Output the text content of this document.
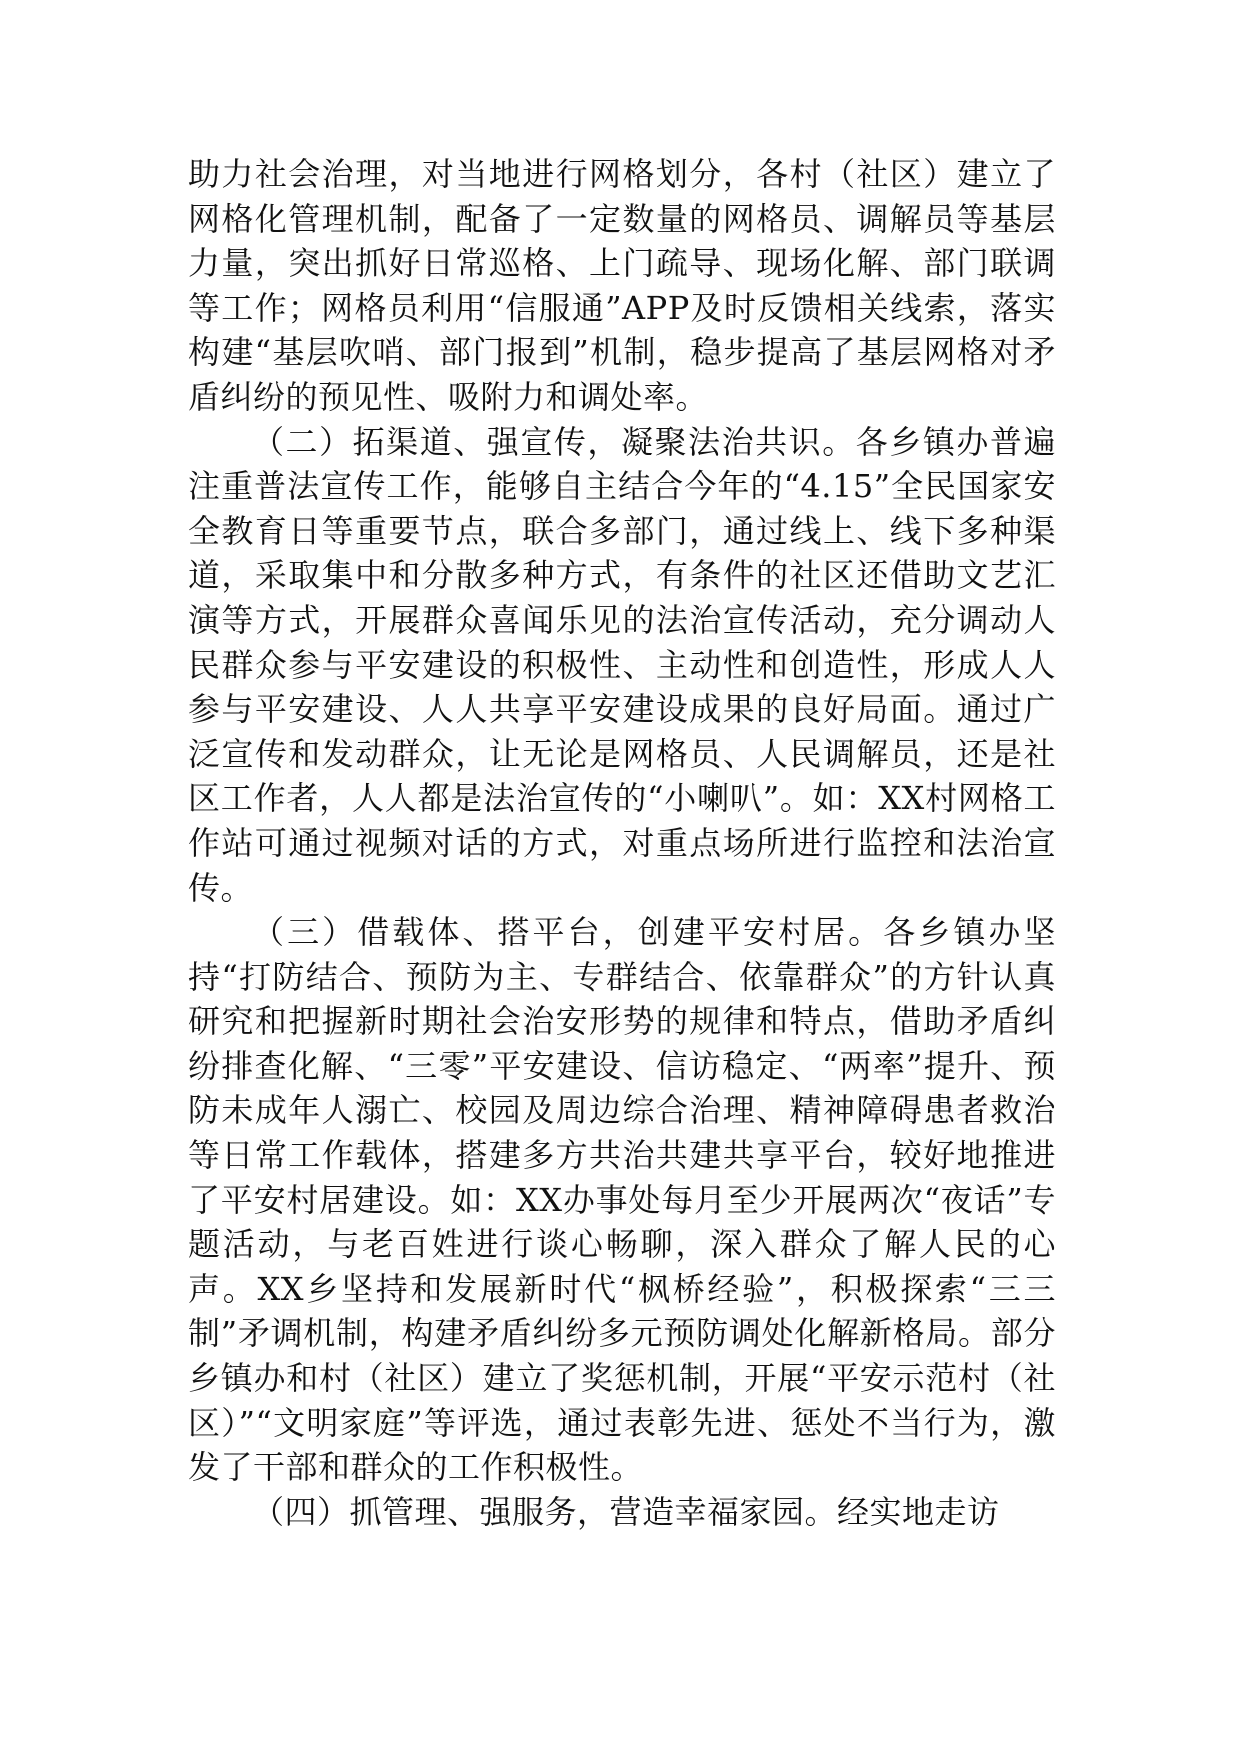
助力社会治理，对当地进行网格划分，各村（社区）建立了网格化管理机制，配备了一定数量的网格员、调解员等基层力量，突出抓好日常巡格、上门疏导、现场化解、部门联调等工作；网格员利用“信服通”APP及时反馈相关线索，落实构建“基层吹哨、部门报到”机制，稳步提高了基层网格对矛盾纠纷的预见性、吸附力和调处率。

（二）拓渠道、强宣传，凝聚法治共识。各乡镇办普遍注重普法宣传工作，能够自主结合今年的“4.15”全民国家安全教育日等重要节点，联合多部门，通过线上、线下多种渠道，采取集中和分散多种方式，有条件的社区还借助文艺汇演等方式，开展群众喜闻乐见的法治宣传活动，充分调动人民群众参与平安建设的积极性、主动性和创造性，形成人人参与平安建设、人人共享平安建设成果的良好局面。通过广泛宣传和发动群众，让无论是网格员、人民调解员，还是社区工作者，人人都是法治宣传的“小喇叭”。如：XX村网格工作站可通过视频对话的方式，对重点场所进行监控和法治宣传。

（三）借载体、搭平台，创建平安村居。各乡镇办坚持“打防结合、预防为主、专群结合、依靠群众”的方针认真研究和把握新时期社会治安形势的规律和特点，借助矛盾纠纷排查化解、“三零”平安建设、信访稳定、“两率”提升、预防未成年人溺亡、校园及周边综合治理、精神障碍患者救治等日常工作载体，搭建多方共治共建共享平台，较好地推进了平安村居建设。如：XX办事处每月至少开展两次“夜话”专题活动，与老百姓进行谈心畅聊，深入群众了解人民的心声。XX乡坚持和发展新时代“枫桥经验”，积极探索“三三制”矛调机制，构建矛盾纠纷多元预防调处化解新格局。部分乡镇办和村（社区）建立了奖惩机制，开展“平安示范村（社区）”“文明家庭”等评选，通过表彰先进、惩处不当行为，激发了干部和群众的工作积极性。

（四）抓管理、强服务，营造幸福家园。经实地走访
